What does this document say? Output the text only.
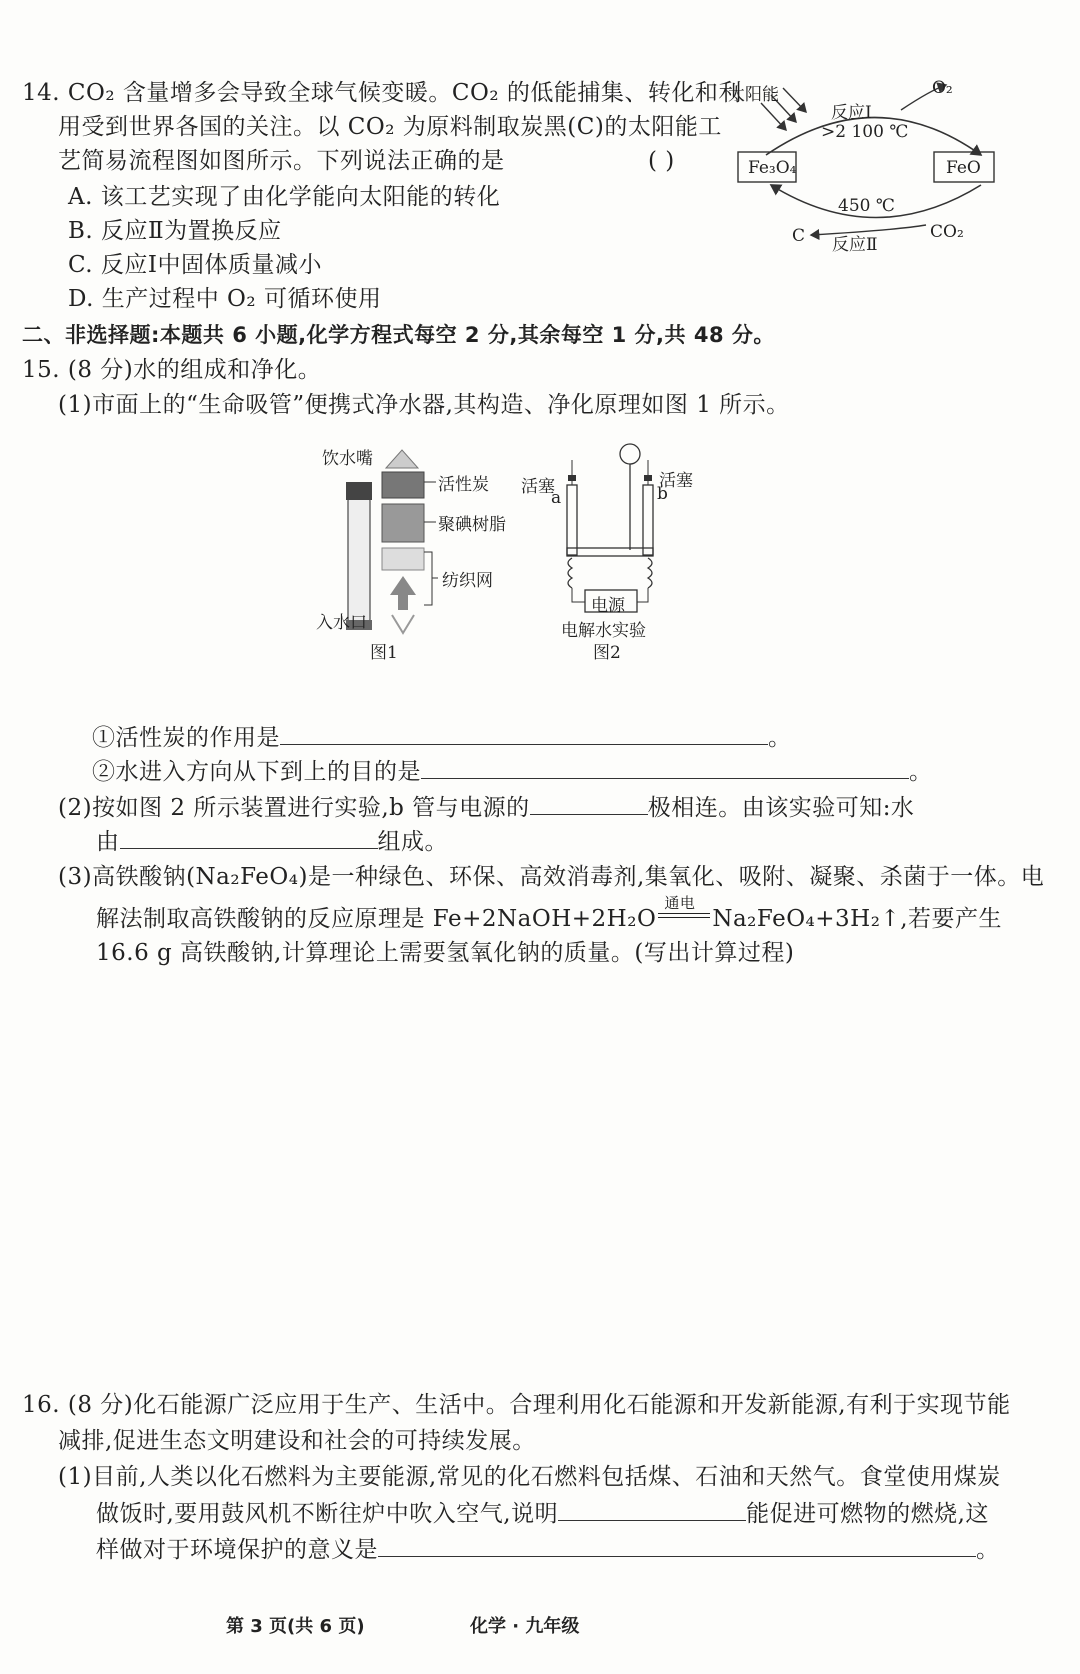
14. CO₂ 含量增多会导致全球气候变暖。CO₂ 的低能捕集、转化和利
用受到世界各国的关注。以 CO₂ 为原料制取炭黑(C)的太阳能工
艺简易流程图如图所示。下列说法正确的是	( )
A. 该工艺实现了由化学能向太阳能的转化
B. 反应Ⅱ为置换反应
C. 反应Ⅰ中固体质量减小
D. 生产过程中 O₂ 可循环使用
太阳能
反应Ⅰ
>2 100 ℃
O₂
Fe₃O₄	FeO
450 ℃
C 反应Ⅱ
CO₂
二、非选择题:本题共 6 小题,化学方程式每空 2 分,其余每空 1 分,共 48 分。
15. (8 分)水的组成和净化。
(1)市面上的“生命吸管”便携式净水器,其构造、净化原理如图 1 所示。
饮水嘴
活性炭
聚碘树脂
纺织网
入水口
图1
活塞
a
活塞
b
电源
电解水实验
图2
①活性炭的作用是	。
②水进入方向从下到上的目的是	。
(2)按如图 2 所示装置进行实验,b 管与电源的	极相连。由该实验可知:水
由	组成。
(3)高铁酸钠(Na₂FeO₄)是一种绿色、环保、高效消毒剂,集氧化、吸附、凝聚、杀菌于一体。电
解法制取高铁酸钠的反应原理是 Fe+2NaOH+2H₂O
通电
Na₂FeO₄+3H₂↑,若要产生
16.6 g 高铁酸钠,计算理论上需要氢氧化钠的质量。(写出计算过程)
16. (8 分)化石能源广泛应用于生产、生活中。合理利用化石能源和开发新能源,有利于实现节能
减排,促进生态文明建设和社会的可持续发展。
(1)目前,人类以化石燃料为主要能源,常见的化石燃料包括煤、石油和天然气。食堂使用煤炭
做饭时,要用鼓风机不断往炉中吹入空气,说明	能促进可燃物的燃烧,这
样做对于环境保护的意义是	。
第 3 页(共 6 页)	化学 · 九年级
